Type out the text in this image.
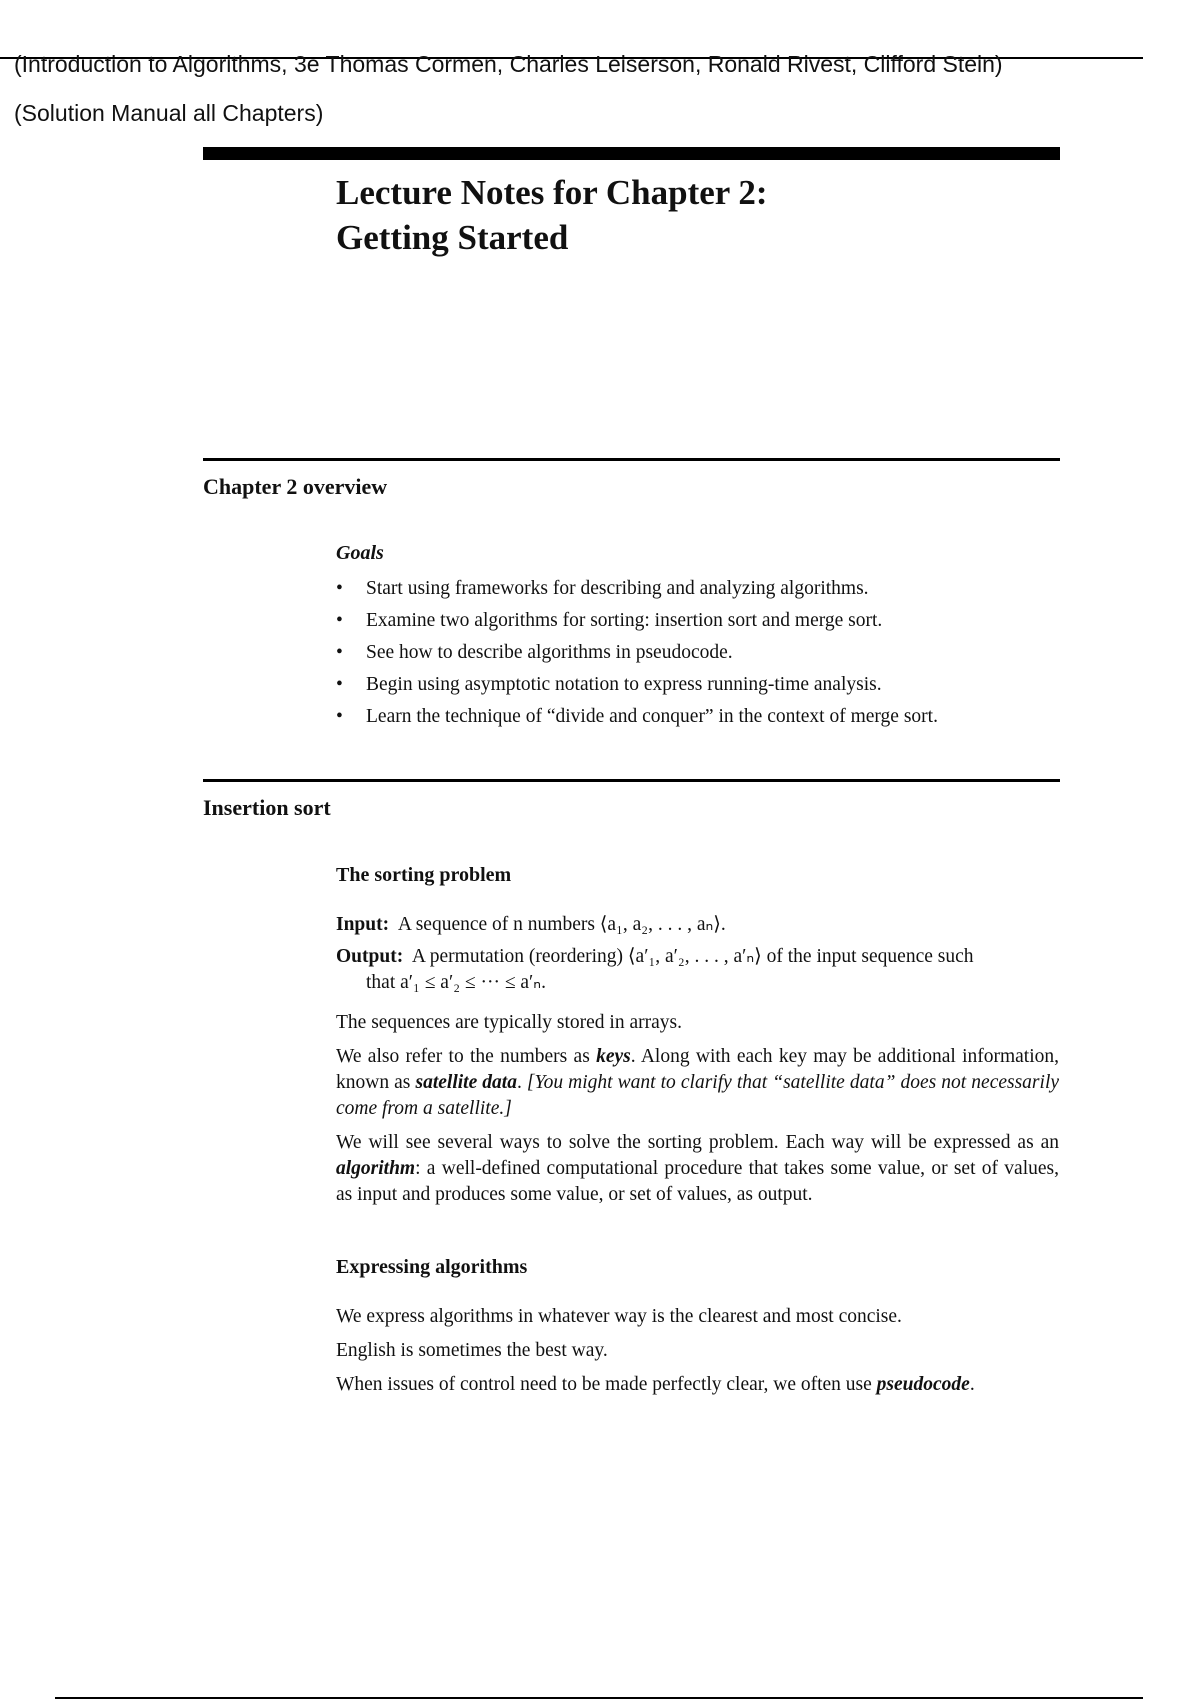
(Introduction to Algorithms, 3e Thomas Cormen, Charles Leiserson, Ronald Rivest, Clifford Stein)
(Solution Manual all Chapters)
Lecture Notes for Chapter 2:
Getting Started
Chapter 2 overview
Goals
• Start using frameworks for describing and analyzing algorithms.
• Examine two algorithms for sorting: insertion sort and merge sort.
• See how to describe algorithms in pseudocode.
• Begin using asymptotic notation to express running-time analysis.
• Learn the technique of “divide and conquer” in the context of merge sort.
Insertion sort
The sorting problem

Input: A sequence of n numbers ⟨a₁, a₂, . . . , aₙ⟩.

Output: A permutation (reordering) ⟨a′₁, a′₂, . . . , a′ₙ⟩ of the input sequence such

that a′₁ ≤ a′₂ ≤ ··· ≤ a′ₙ.

The sequences are typically stored in arrays.

We also refer to the numbers as keys. Along with each key may be additional information, known as satellite data. [You might want to clarify that “satellite data” does not necessarily come from a satellite.]

We will see several ways to solve the sorting problem. Each way will be expressed as an algorithm: a well-defined computational procedure that takes some value, or set of values, as input and produces some value, or set of values, as output.

Expressing algorithms

We express algorithms in whatever way is the clearest and most concise.

English is sometimes the best way.

When issues of control need to be made perfectly clear, we often use pseudocode.
